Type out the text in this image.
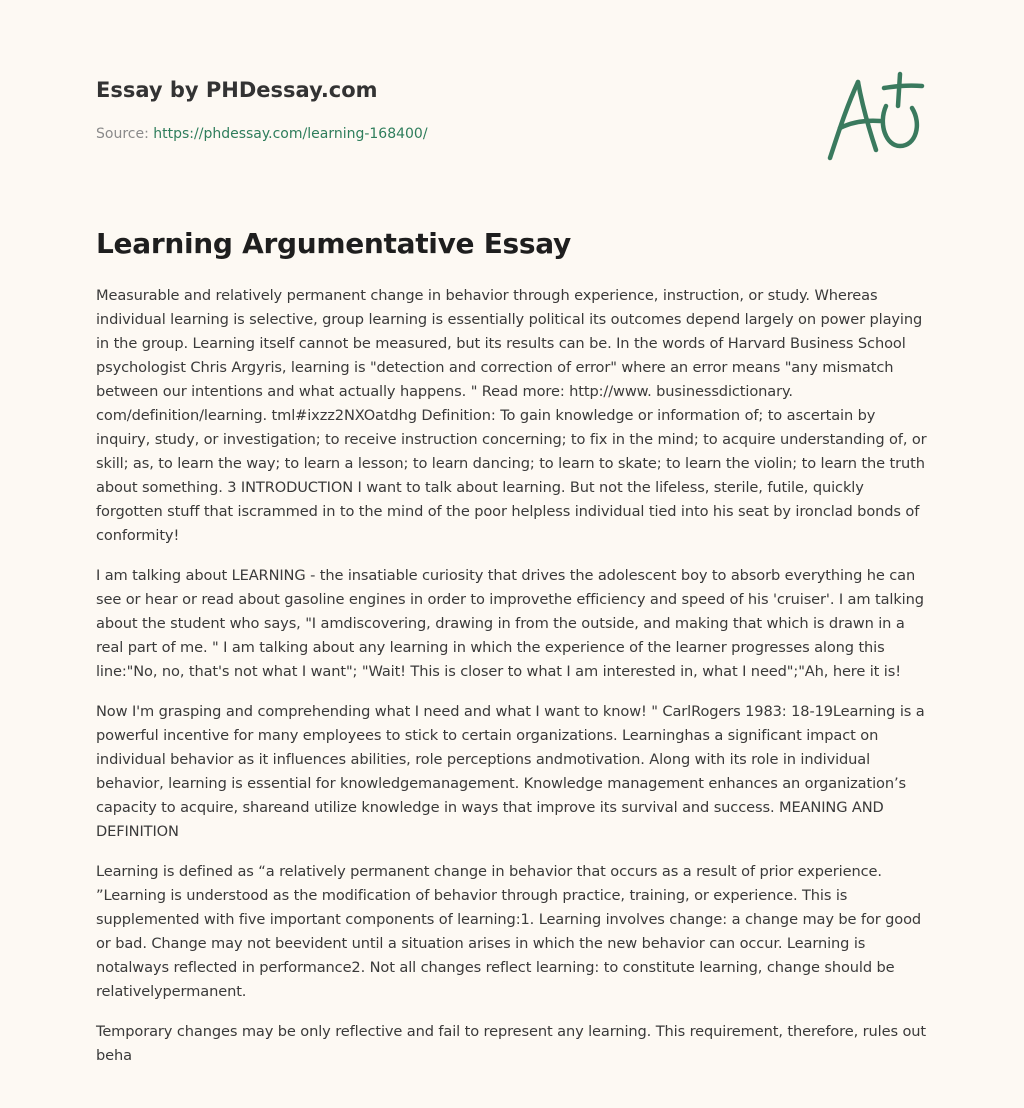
Essay by PHDessay.com
Source: https://phdessay.com/learning-168400/
Learning Argumentative Essay

Measurable and relatively permanent change in behavior through experience, instruction, or study. Whereas individual learning is selective, group learning is essentially political its outcomes depend largely on power playing in the group. Learning itself cannot be measured, but its results can be. In the words of Harvard Business School psychologist Chris Argyris, learning is "detection and correction of error" where an error means "any mismatch between our intentions and what actually happens. " Read more: http://www. businessdictionary. com/definition/learning. tml#ixzz2NXOatdhg Definition: To gain knowledge or information of; to ascertain by inquiry, study, or investigation; to receive instruction concerning; to fix in the mind; to acquire understanding of, or skill; as, to learn the way; to learn a lesson; to learn dancing; to learn to skate; to learn the violin; to learn the truth about something. 3 INTRODUCTION I want to talk about learning. But not the lifeless, sterile, futile, quickly forgotten stuff that iscrammed in to the mind of the poor helpless individual tied into his seat by ironclad bonds of conformity!

I am talking about LEARNING - the insatiable curiosity that drives the adolescent boy to absorb everything he can see or hear or read about gasoline engines in order to improvethe efficiency and speed of his 'cruiser'. I am talking about the student who says, "I amdiscovering, drawing in from the outside, and making that which is drawn in a real part of me. " I am talking about any learning in which the experience of the learner progresses along this line:"No, no, that's not what I want"; "Wait! This is closer to what I am interested in, what I need";"Ah, here it is!

Now I'm grasping and comprehending what I need and what I want to know! " CarlRogers 1983: 18-19Learning is a powerful incentive for many employees to stick to certain organizations. Learninghas a significant impact on individual behavior as it influences abilities, role perceptions andmotivation. Along with its role in individual behavior, learning is essential for knowledgemanagement. Knowledge management enhances an organization’s capacity to acquire, shareand utilize knowledge in ways that improve its survival and success. MEANING AND DEFINITION

Learning is defined as “a relatively permanent change in behavior that occurs as a result of prior experience. ”Learning is understood as the modification of behavior through practice, training, or experience. This is supplemented with five important components of learning:1. Learning involves change: a change may be for good or bad. Change may not beevident until a situation arises in which the new behavior can occur. Learning is notalways reflected in performance2. Not all changes reflect learning: to constitute learning, change should be relativelypermanent.

Temporary changes may be only reflective and fail to represent any learning. This requirement, therefore, rules out beha
